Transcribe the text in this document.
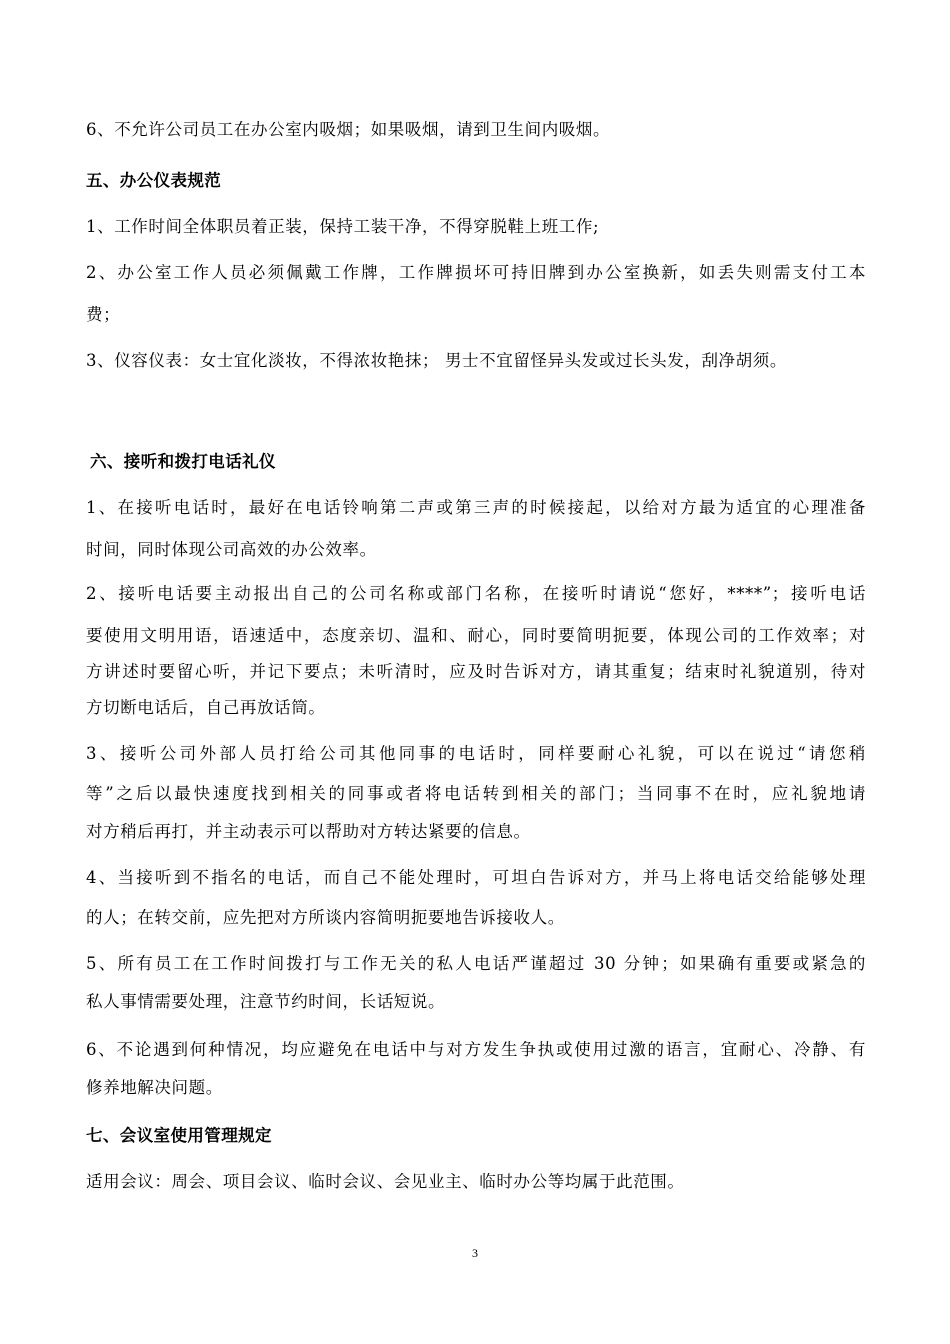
6、不允许公司员工在办公室内吸烟；如果吸烟，请到卫生间内吸烟。
五、办公仪表规范
1、工作时间全体职员着正装，保持工装干净，不得穿脱鞋上班工作;
2、办公室工作人员必须佩戴工作牌，工作牌损坏可持旧牌到办公室换新，如丢失则需支付工本
费；
3、仪容仪表：女士宜化淡妆，不得浓妆艳抹； 男士不宜留怪异头发或过长头发，刮净胡须。
六、接听和拨打电话礼仪
1、在接听电话时，最好在电话铃响第二声或第三声的时候接起，以给对方最为适宜的心理准备
时间，同时体现公司高效的办公效率。
2、接听电话要主动报出自己的公司名称或部门名称，在接听时请说“您好，****”；接听电话
要使用文明用语，语速适中，态度亲切、温和、耐心，同时要简明扼要，体现公司的工作效率；对
方讲述时要留心听，并记下要点；未听清时，应及时告诉对方，请其重复；结束时礼貌道别，待对
方切断电话后，自己再放话筒。
3、接听公司外部人员打给公司其他同事的电话时，同样要耐心礼貌，可以在说过“请您稍
等”之后以最快速度找到相关的同事或者将电话转到相关的部门；当同事不在时，应礼貌地请
对方稍后再打，并主动表示可以帮助对方转达紧要的信息。
4、当接听到不指名的电话，而自己不能处理时，可坦白告诉对方，并马上将电话交给能够处理
的人；在转交前，应先把对方所谈内容简明扼要地告诉接收人。
5、所有员工在工作时间拨打与工作无关的私人电话严谨超过 30 分钟；如果确有重要或紧急的
私人事情需要处理，注意节约时间，长话短说。
6、不论遇到何种情况，均应避免在电话中与对方发生争执或使用过激的语言，宜耐心、冷静、有
修养地解决问题。
七、会议室使用管理规定
适用会议：周会、项目会议、临时会议、会见业主、临时办公等均属于此范围。
3
